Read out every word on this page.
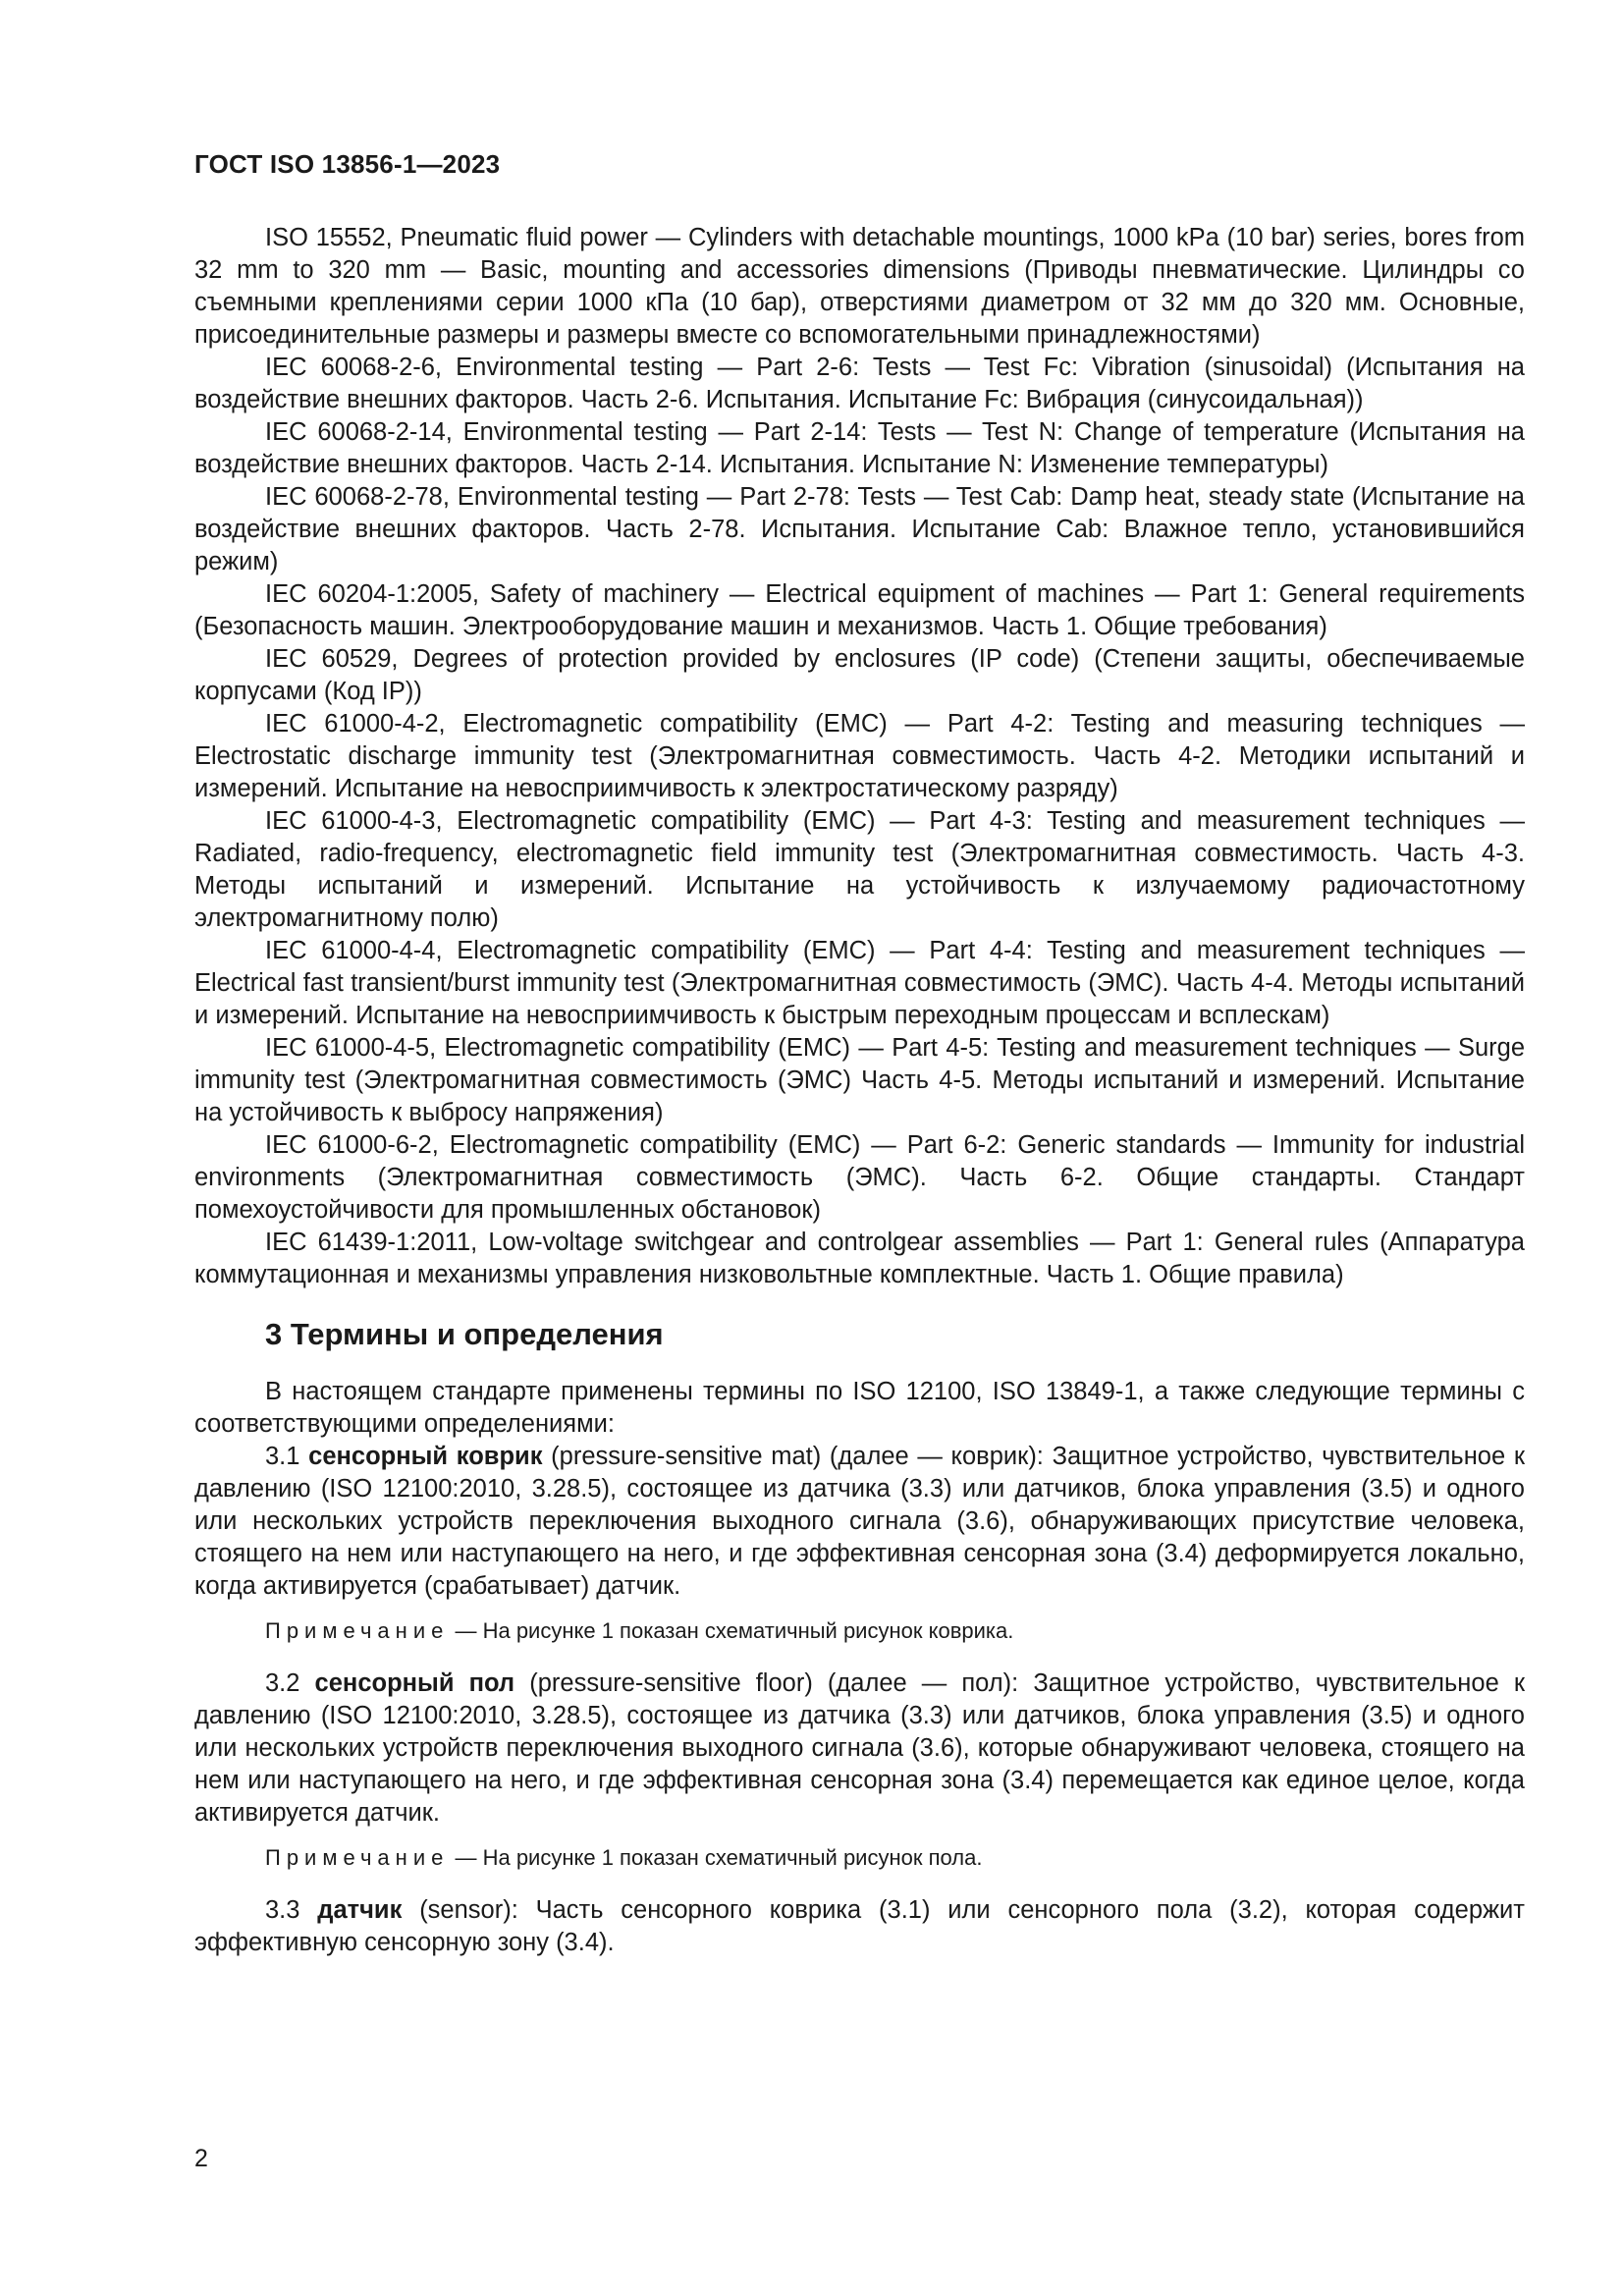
ГОСТ ISO 13856-1—2023

ISO 15552, Pneumatic fluid power — Cylinders with detachable mountings, 1000 kPa (10 bar) series, bores from 32 mm to 320 mm — Basic, mounting and accessories dimensions (Приводы пневматические. Цилиндры со съемными креплениями серии 1000 кПа (10 бар), отверстиями диаметром от 32 мм до 320 мм. Основные, присоединительные размеры и размеры вместе со вспомогательными принадлежностями)

IEC 60068-2-6, Environmental testing — Part 2-6: Tests — Test Fc: Vibration (sinusoidal) (Испытания на воздействие внешних факторов. Часть 2-6. Испытания. Испытание Fc: Вибрация (синусоидальная))

IEC 60068-2-14, Environmental testing — Part 2-14: Tests — Test N: Change of temperature (Испытания на воздействие внешних факторов. Часть 2-14. Испытания. Испытание N: Изменение температуры)

IEC 60068-2-78, Environmental testing — Part 2-78: Tests — Test Cab: Damp heat, steady state (Испытание на воздействие внешних факторов. Часть 2-78. Испытания. Испытание Cab: Влажное тепло, установившийся режим)

IEC 60204-1:2005, Safety of machinery — Electrical equipment of machines — Part 1: General requirements (Безопасность машин. Электрооборудование машин и механизмов. Часть 1. Общие требования)

IEC 60529, Degrees of protection provided by enclosures (IP code) (Степени защиты, обеспечиваемые корпусами (Код IP))

IEC 61000-4-2, Electromagnetic compatibility (EMC) — Part 4-2: Testing and measuring techniques — Electrostatic discharge immunity test (Электромагнитная совместимость. Часть 4-2. Методики испытаний и измерений. Испытание на невосприимчивость к электростатическому разряду)

IEC 61000-4-3, Electromagnetic compatibility (EMC) — Part 4-3: Testing and measurement techniques — Radiated, radio-frequency, electromagnetic field immunity test (Электромагнитная совместимость. Часть 4-3. Методы испытаний и измерений. Испытание на устойчивость к излучаемому радиочастотному электромагнитному полю)

IEC 61000-4-4, Electromagnetic compatibility (EMC) — Part 4-4: Testing and measurement techniques — Electrical fast transient/burst immunity test (Электромагнитная совместимость (ЭМС). Часть 4-4. Методы испытаний и измерений. Испытание на невосприимчивость к быстрым переходным процессам и всплескам)

IEC 61000-4-5, Electromagnetic compatibility (EMC) — Part 4-5: Testing and measurement techniques — Surge immunity test (Электромагнитная совместимость (ЭМС) Часть 4-5. Методы испытаний и измерений. Испытание на устойчивость к выбросу напряжения)

IEC 61000-6-2, Electromagnetic compatibility (EMC) — Part 6-2: Generic standards — Immunity for industrial environments (Электромагнитная совместимость (ЭМС). Часть 6-2. Общие стандарты. Стандарт помехоустойчивости для промышленных обстановок)

IEC 61439-1:2011, Low-voltage switchgear and controlgear assemblies — Part 1: General rules (Аппаратура коммутационная и механизмы управления низковольтные комплектные. Часть 1. Общие правила)

3 Термины и определения

В настоящем стандарте применены термины по ISO 12100, ISO 13849-1, а также следующие термины с соответствующими определениями:

3.1 сенсорный коврик (pressure-sensitive mat) (далее — коврик): Защитное устройство, чувствительное к давлению (ISO 12100:2010, 3.28.5), состоящее из датчика (3.3) или датчиков, блока управления (3.5) и одного или нескольких устройств переключения выходного сигнала (3.6), обнаруживающих присутствие человека, стоящего на нем или наступающего на него, и где эффективная сенсорная зона (3.4) деформируется локально, когда активируется (срабатывает) датчик.

Примечание — На рисунке 1 показан схематичный рисунок коврика.

3.2 сенсорный пол (pressure-sensitive floor) (далее — пол): Защитное устройство, чувствительное к давлению (ISO 12100:2010, 3.28.5), состоящее из датчика (3.3) или датчиков, блока управления (3.5) и одного или нескольких устройств переключения выходного сигнала (3.6), которые обнаруживают человека, стоящего на нем или наступающего на него, и где эффективная сенсорная зона (3.4) перемещается как единое целое, когда активируется датчик.

Примечание — На рисунке 1 показан схематичный рисунок пола.

3.3 датчик (sensor): Часть сенсорного коврика (3.1) или сенсорного пола (3.2), которая содержит эффективную сенсорную зону (3.4).

2
